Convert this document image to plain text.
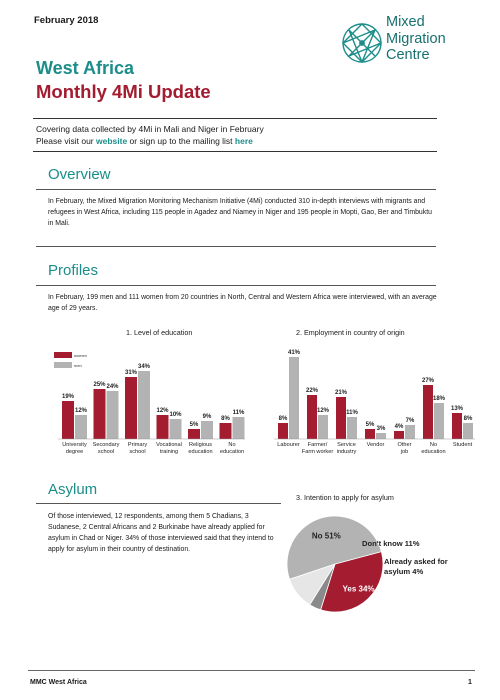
February 2018	Mixed
Migration
Centre
West Africa
Monthly 4Mi Update
Covering data collected by 4Mi in Mali and Niger in February
Please visit our website or sign up to the mailing list here
Overview
In February, the Mixed Migration Monitoring Mechanism Initiative (4Mi) conducted 310 in-depth interviews with migrants and refugees in West Africa, including 115 people in Agadez and Niamey in Niger and 195 people in Mopti, Gao, Ber and Timbuktu in Mali.
Profiles
In February, 199 men and 111 women from 20 countries in North, Central and Western Africa were interviewed, with an average age of 29 years.
1. Level of education	2. Employment in country of origin
19%
12%
University
degree
25% 24%
Secondary
school
31%
34%
Primary
school
12%
10%
Vocational
training
5%
9%
Religious
education
8%
11%
No
education
women
men
8%
41%
Labourer
22%
12%
Farmer/
Farm worker
21%
11%
Service
industry
5%
3%
Vendor
4%
7%
Other
job
27%
18%
No
education
13%
8%
Student
Asylum
Of those interviewed, 12 respondents, among them 5 Chadians, 3 Sudanese, 2 Central Africans and 2 Burkinabe have already applied for asylum in Chad or Niger. 34% of those interviewed said that they intend to apply for asylum in their country of destination.
3. Intention to apply for asylum
Yes 34%
No 51%
Don't know 11%
Already asked for
asylum 4%
MMC West Africa	1
